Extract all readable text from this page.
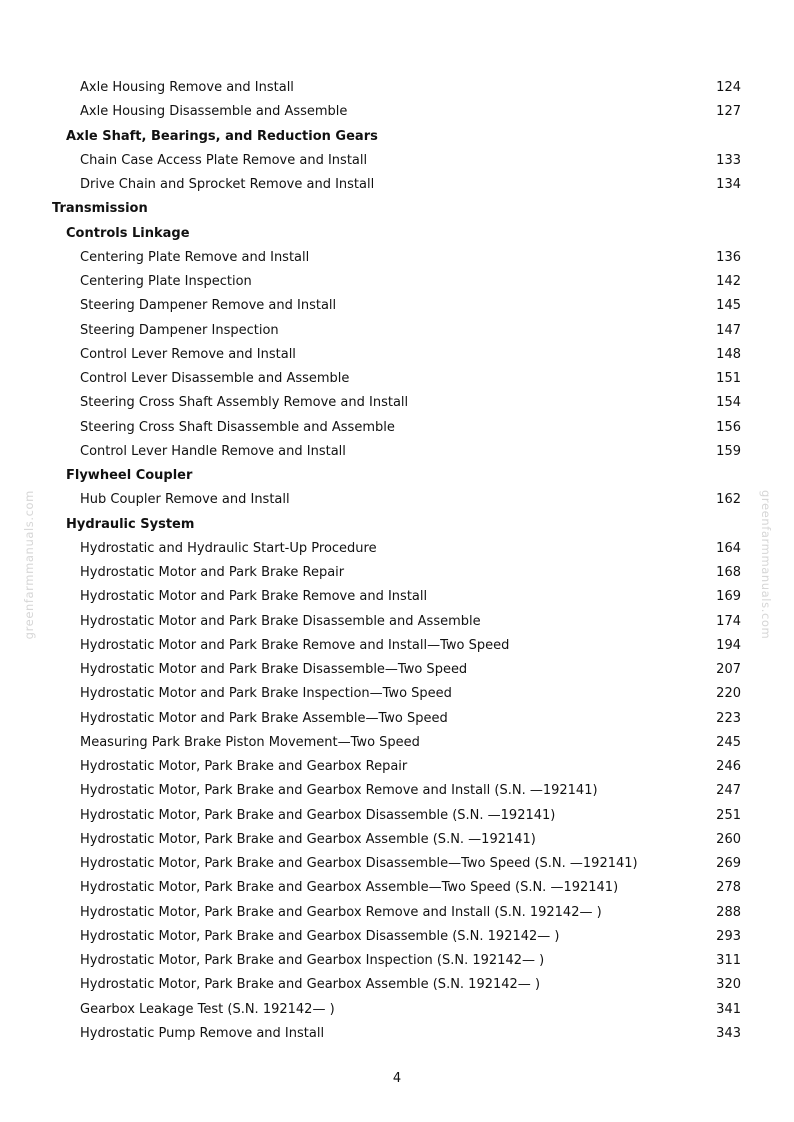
greenfarmmanuals.com	greenfarmmanuals.com
Axle Housing Remove and Install	124
Axle Housing Disassemble and Assemble	127
Axle Shaft, Bearings, and Reduction Gears
Chain Case Access Plate Remove and Install	133
Drive Chain and Sprocket Remove and Install	134
Transmission
Controls Linkage
Centering Plate Remove and Install	136
Centering Plate Inspection	142
Steering Dampener Remove and Install	145
Steering Dampener Inspection	147
Control Lever Remove and Install	148
Control Lever Disassemble and Assemble	151
Steering Cross Shaft Assembly Remove and Install	154
Steering Cross Shaft Disassemble and Assemble	156
Control Lever Handle Remove and Install	159
Flywheel Coupler
Hub Coupler Remove and Install	162
Hydraulic System
Hydrostatic and Hydraulic Start-Up Procedure	164
Hydrostatic Motor and Park Brake Repair	168
Hydrostatic Motor and Park Brake Remove and Install	169
Hydrostatic Motor and Park Brake Disassemble and Assemble	174
Hydrostatic Motor and Park Brake Remove and Install—Two Speed	194
Hydrostatic Motor and Park Brake Disassemble—Two Speed	207
Hydrostatic Motor and Park Brake Inspection—Two Speed	220
Hydrostatic Motor and Park Brake Assemble—Two Speed	223
Measuring Park Brake Piston Movement—Two Speed	245
Hydrostatic Motor, Park Brake and Gearbox Repair	246
Hydrostatic Motor, Park Brake and Gearbox Remove and Install (S.N. —192141)	247
Hydrostatic Motor, Park Brake and Gearbox Disassemble (S.N. —192141)	251
Hydrostatic Motor, Park Brake and Gearbox Assemble (S.N. —192141)	260
Hydrostatic Motor, Park Brake and Gearbox Disassemble—Two Speed (S.N. —192141)	269
Hydrostatic Motor, Park Brake and Gearbox Assemble—Two Speed (S.N. —192141)	278
Hydrostatic Motor, Park Brake and Gearbox Remove and Install (S.N. 192142— )	288
Hydrostatic Motor, Park Brake and Gearbox Disassemble (S.N. 192142— )	293
Hydrostatic Motor, Park Brake and Gearbox Inspection (S.N. 192142— )	311
Hydrostatic Motor, Park Brake and Gearbox Assemble (S.N. 192142— )	320
Gearbox Leakage Test (S.N. 192142— )	341
Hydrostatic Pump Remove and Install	343
4
